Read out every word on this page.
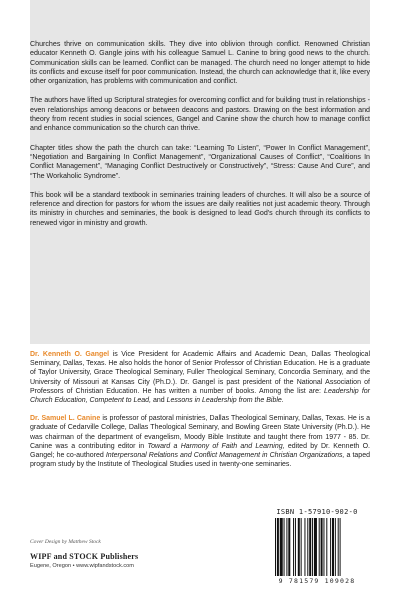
Churches thrive on communication skills. They dive into oblivion through conflict. Renowned Christian educator Kenneth O. Gangle joins with his colleague Samuel L. Canine to bring good news to the church. Communication skills can be learned. Conflict can be managed. The church need no longer attempt to hide its conflicts and excuse itself for poor communication. Instead, the church can acknowledge that it, like every other organization, has problems with communication and conflict.

The authors have lifted up Scriptural strategies for overcoming conflict and for building trust in relationships - even relationships among deacons or between deacons and pastors. Drawing on the best information and theory from recent studies in social sciences, Gangel and Canine show the church how to manage conflict and enhance communication so the church can thrive.

Chapter titles show the path the church can take: “Learning To Listen”, “Power In Conflict Management”, “Negotiation and Bargaining In Conflict Management”, “Organizational Causes of Conflict”, “Coalitions In Conflict Management”, “Managing Conflict Destructively or Constructively”, “Stress: Cause And Cure”, and “The Workaholic Syndrome”.

This book will be a standard textbook in seminaries training leaders of churches. It will also be a source of reference and direction for pastors for whom the issues are daily realities not just academic theory. Through its ministry in churches and seminaries, the book is designed to lead God's church through its conflicts to renewed vigor in ministry and growth.

Dr. Kenneth O. Gangel is Vice President for Academic Affairs and Academic Dean, Dallas Theological Seminary, Dallas, Texas. He also holds the honor of Senior Professor of Christian Education. He is a graduate of Taylor University, Grace Theological Seminary, Fuller Theological Seminary, Concordia Seminary, and the University of Missouri at Kansas City (Ph.D.). Dr. Gangel is past president of the National Association of Professors of Christian Education. He has written a number of books. Among the list are: Leadership for Church Education, Competent to Lead, and Lessons in Leadership from the Bible.

Dr. Samuel L. Canine is professor of pastoral ministries, Dallas Theological Seminary, Dallas, Texas. He is a graduate of Cedarville College, Dallas Theological Seminary, and Bowling Green State University (Ph.D.). He was chairman of the department of evangelism, Moody Bible Institute and taught there from 1977 - 85. Dr. Canine was a contributing editor in Toward a Harmony of Faith and Learning, edited by Dr. Kenneth O. Gangel; he co-authored Interpersonal Relations and Conflict Management in Christian Organizations, a taped program study by the Institute of Theological Studies used in twenty-one seminaries.

Cover Design by Matthew Stock
WIPF and STOCK Publishers
Eugene, Oregon • www.wipfandstock.com
ISBN 1-57910-902-0
9 781579 109028
